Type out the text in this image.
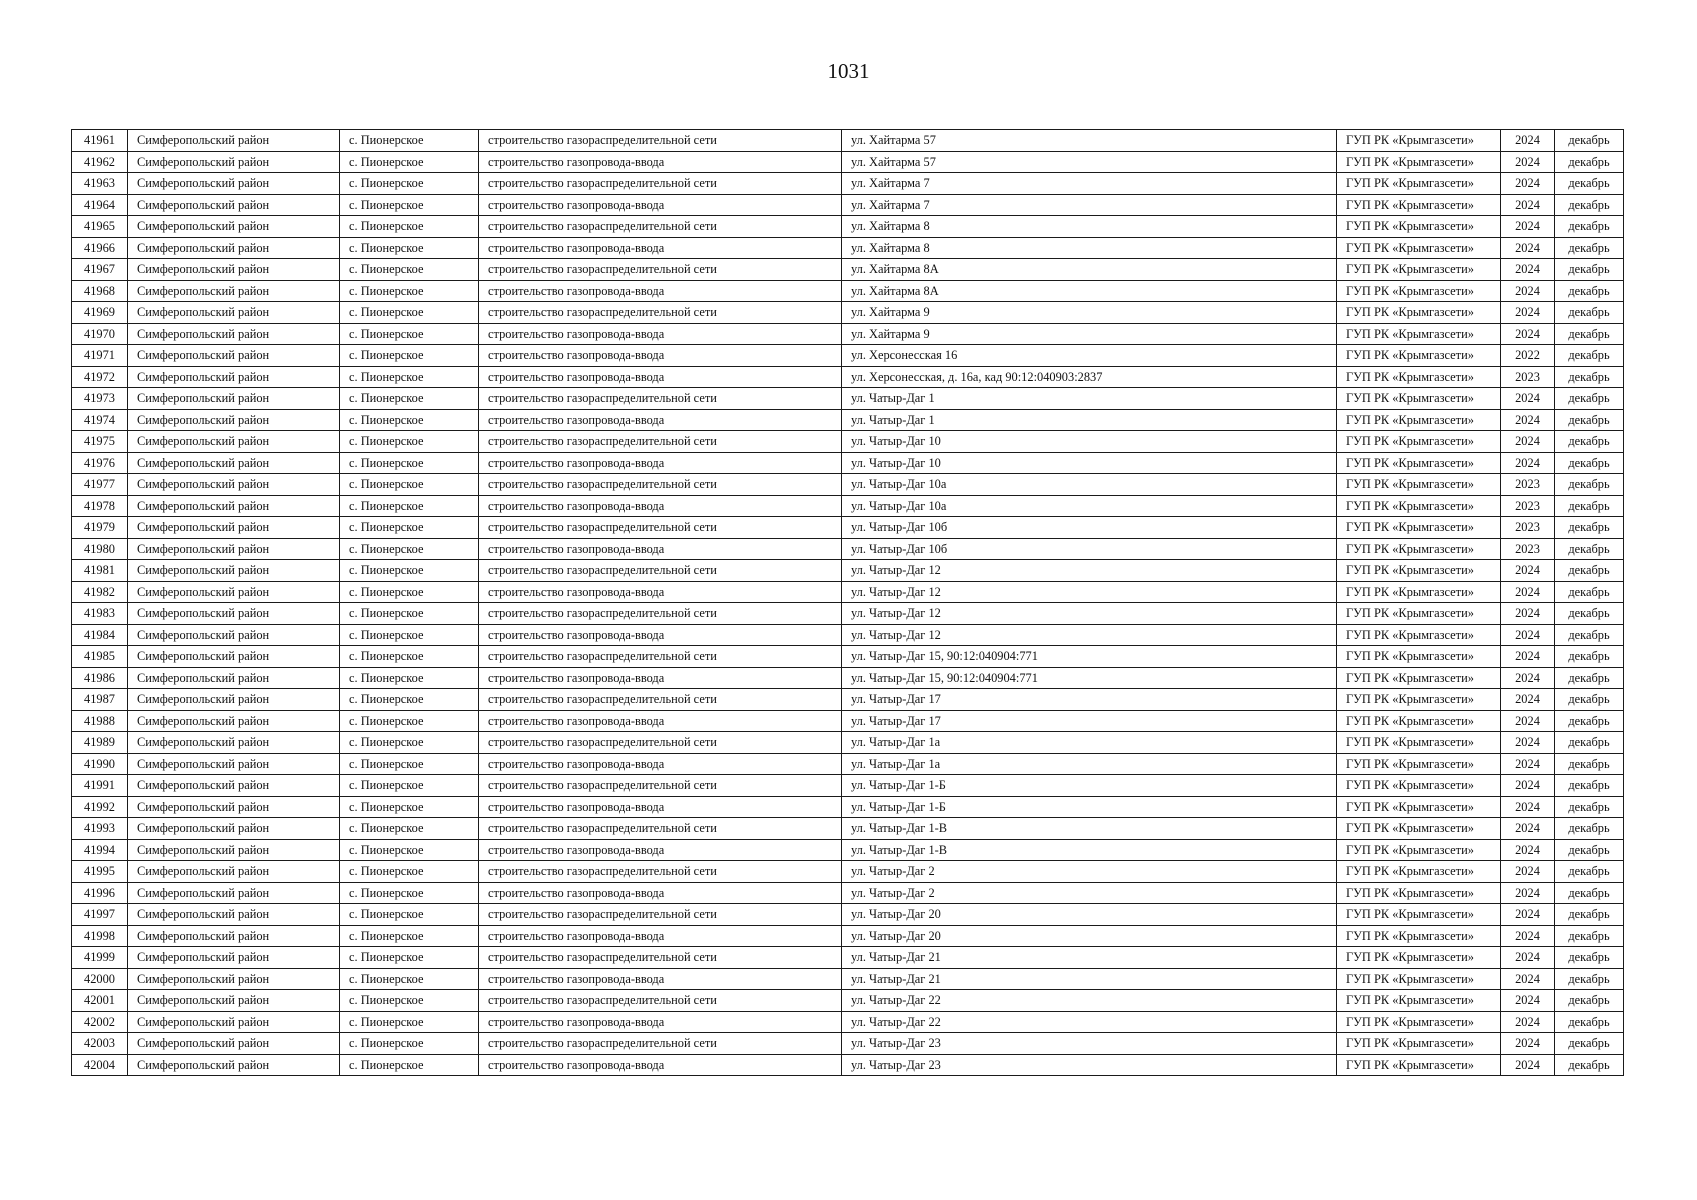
1031
41961	Симферопольский район	с. Пионерское	строительство газораспределительной сети	ул. Хайтарма 57	ГУП РК «Крымгазсети»	2024	декабрь
41962	Симферопольский район	с. Пионерское	строительство газопровода-ввода	ул. Хайтарма 57	ГУП РК «Крымгазсети»	2024	декабрь
41963	Симферопольский район	с. Пионерское	строительство газораспределительной сети	ул. Хайтарма 7	ГУП РК «Крымгазсети»	2024	декабрь
41964	Симферопольский район	с. Пионерское	строительство газопровода-ввода	ул. Хайтарма 7	ГУП РК «Крымгазсети»	2024	декабрь
41965	Симферопольский район	с. Пионерское	строительство газораспределительной сети	ул. Хайтарма 8	ГУП РК «Крымгазсети»	2024	декабрь
41966	Симферопольский район	с. Пионерское	строительство газопровода-ввода	ул. Хайтарма 8	ГУП РК «Крымгазсети»	2024	декабрь
41967	Симферопольский район	с. Пионерское	строительство газораспределительной сети	ул. Хайтарма 8А	ГУП РК «Крымгазсети»	2024	декабрь
41968	Симферопольский район	с. Пионерское	строительство газопровода-ввода	ул. Хайтарма 8А	ГУП РК «Крымгазсети»	2024	декабрь
41969	Симферопольский район	с. Пионерское	строительство газораспределительной сети	ул. Хайтарма 9	ГУП РК «Крымгазсети»	2024	декабрь
41970	Симферопольский район	с. Пионерское	строительство газопровода-ввода	ул. Хайтарма 9	ГУП РК «Крымгазсети»	2024	декабрь
41971	Симферопольский район	с. Пионерское	строительство газопровода-ввода	ул. Херсонесская 16	ГУП РК «Крымгазсети»	2022	декабрь
41972	Симферопольский район	с. Пионерское	строительство газопровода-ввода	ул. Херсонесская, д. 16а, кад 90:12:040903:2837	ГУП РК «Крымгазсети»	2023	декабрь
41973	Симферопольский район	с. Пионерское	строительство газораспределительной сети	ул. Чатыр-Даг 1	ГУП РК «Крымгазсети»	2024	декабрь
41974	Симферопольский район	с. Пионерское	строительство газопровода-ввода	ул. Чатыр-Даг 1	ГУП РК «Крымгазсети»	2024	декабрь
41975	Симферопольский район	с. Пионерское	строительство газораспределительной сети	ул. Чатыр-Даг 10	ГУП РК «Крымгазсети»	2024	декабрь
41976	Симферопольский район	с. Пионерское	строительство газопровода-ввода	ул. Чатыр-Даг 10	ГУП РК «Крымгазсети»	2024	декабрь
41977	Симферопольский район	с. Пионерское	строительство газораспределительной сети	ул. Чатыр-Даг 10а	ГУП РК «Крымгазсети»	2023	декабрь
41978	Симферопольский район	с. Пионерское	строительство газопровода-ввода	ул. Чатыр-Даг 10а	ГУП РК «Крымгазсети»	2023	декабрь
41979	Симферопольский район	с. Пионерское	строительство газораспределительной сети	ул. Чатыр-Даг 10б	ГУП РК «Крымгазсети»	2023	декабрь
41980	Симферопольский район	с. Пионерское	строительство газопровода-ввода	ул. Чатыр-Даг 10б	ГУП РК «Крымгазсети»	2023	декабрь
41981	Симферопольский район	с. Пионерское	строительство газораспределительной сети	ул. Чатыр-Даг 12	ГУП РК «Крымгазсети»	2024	декабрь
41982	Симферопольский район	с. Пионерское	строительство газопровода-ввода	ул. Чатыр-Даг 12	ГУП РК «Крымгазсети»	2024	декабрь
41983	Симферопольский район	с. Пионерское	строительство газораспределительной сети	ул. Чатыр-Даг 12	ГУП РК «Крымгазсети»	2024	декабрь
41984	Симферопольский район	с. Пионерское	строительство газопровода-ввода	ул. Чатыр-Даг 12	ГУП РК «Крымгазсети»	2024	декабрь
41985	Симферопольский район	с. Пионерское	строительство газораспределительной сети	ул. Чатыр-Даг 15, 90:12:040904:771	ГУП РК «Крымгазсети»	2024	декабрь
41986	Симферопольский район	с. Пионерское	строительство газопровода-ввода	ул. Чатыр-Даг 15, 90:12:040904:771	ГУП РК «Крымгазсети»	2024	декабрь
41987	Симферопольский район	с. Пионерское	строительство газораспределительной сети	ул. Чатыр-Даг 17	ГУП РК «Крымгазсети»	2024	декабрь
41988	Симферопольский район	с. Пионерское	строительство газопровода-ввода	ул. Чатыр-Даг 17	ГУП РК «Крымгазсети»	2024	декабрь
41989	Симферопольский район	с. Пионерское	строительство газораспределительной сети	ул. Чатыр-Даг 1а	ГУП РК «Крымгазсети»	2024	декабрь
41990	Симферопольский район	с. Пионерское	строительство газопровода-ввода	ул. Чатыр-Даг 1а	ГУП РК «Крымгазсети»	2024	декабрь
41991	Симферопольский район	с. Пионерское	строительство газораспределительной сети	ул. Чатыр-Даг 1-Б	ГУП РК «Крымгазсети»	2024	декабрь
41992	Симферопольский район	с. Пионерское	строительство газопровода-ввода	ул. Чатыр-Даг 1-Б	ГУП РК «Крымгазсети»	2024	декабрь
41993	Симферопольский район	с. Пионерское	строительство газораспределительной сети	ул. Чатыр-Даг 1-В	ГУП РК «Крымгазсети»	2024	декабрь
41994	Симферопольский район	с. Пионерское	строительство газопровода-ввода	ул. Чатыр-Даг 1-В	ГУП РК «Крымгазсети»	2024	декабрь
41995	Симферопольский район	с. Пионерское	строительство газораспределительной сети	ул. Чатыр-Даг 2	ГУП РК «Крымгазсети»	2024	декабрь
41996	Симферопольский район	с. Пионерское	строительство газопровода-ввода	ул. Чатыр-Даг 2	ГУП РК «Крымгазсети»	2024	декабрь
41997	Симферопольский район	с. Пионерское	строительство газораспределительной сети	ул. Чатыр-Даг 20	ГУП РК «Крымгазсети»	2024	декабрь
41998	Симферопольский район	с. Пионерское	строительство газопровода-ввода	ул. Чатыр-Даг 20	ГУП РК «Крымгазсети»	2024	декабрь
41999	Симферопольский район	с. Пионерское	строительство газораспределительной сети	ул. Чатыр-Даг 21	ГУП РК «Крымгазсети»	2024	декабрь
42000	Симферопольский район	с. Пионерское	строительство газопровода-ввода	ул. Чатыр-Даг 21	ГУП РК «Крымгазсети»	2024	декабрь
42001	Симферопольский район	с. Пионерское	строительство газораспределительной сети	ул. Чатыр-Даг 22	ГУП РК «Крымгазсети»	2024	декабрь
42002	Симферопольский район	с. Пионерское	строительство газопровода-ввода	ул. Чатыр-Даг 22	ГУП РК «Крымгазсети»	2024	декабрь
42003	Симферопольский район	с. Пионерское	строительство газораспределительной сети	ул. Чатыр-Даг 23	ГУП РК «Крымгазсети»	2024	декабрь
42004	Симферопольский район	с. Пионерское	строительство газопровода-ввода	ул. Чатыр-Даг 23	ГУП РК «Крымгазсети»	2024	декабрь
